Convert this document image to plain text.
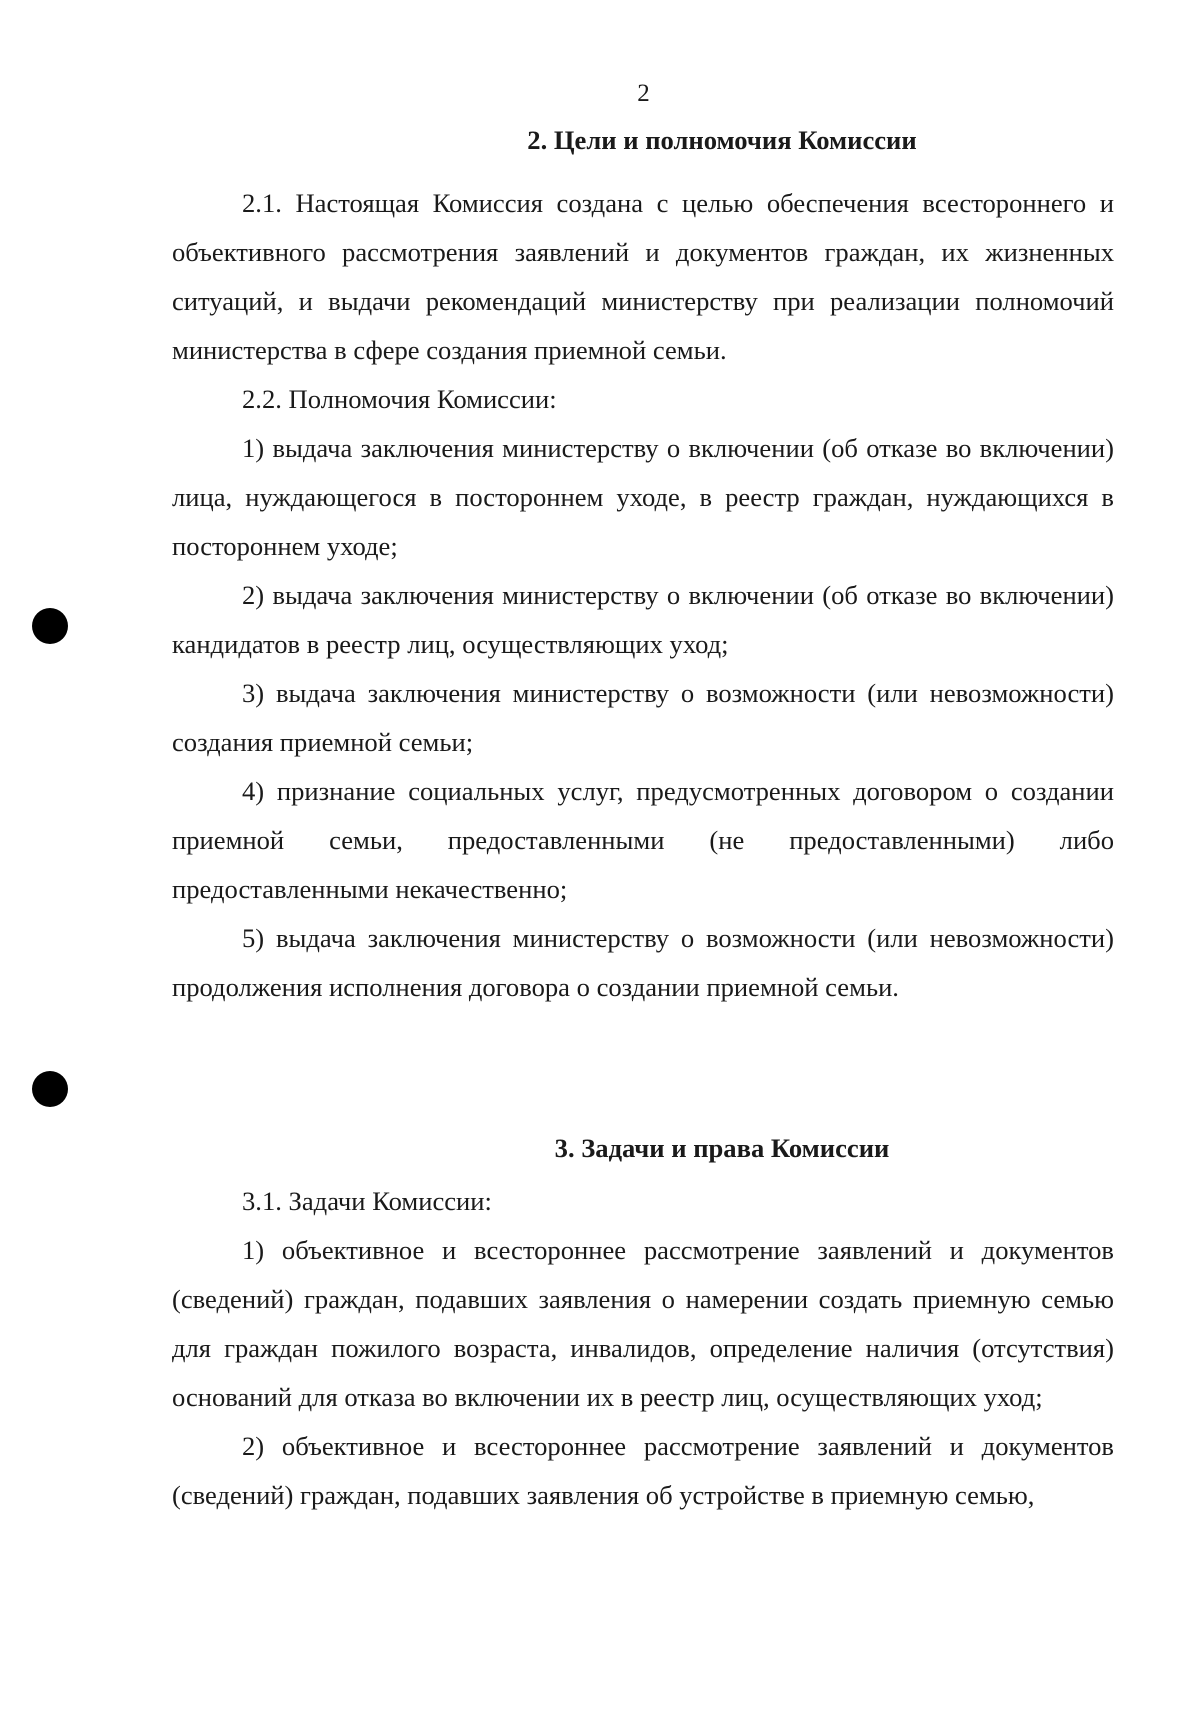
2
2. Цели и полномочия Комиссии

2.1. Настоящая Комиссия создана с целью обеспечения всестороннего и объективного рассмотрения заявлений и документов граждан, их жизненных ситуаций, и выдачи рекомендаций министерству при реализации полномочий министерства в сфере создания приемной семьи.

2.2. Полномочия Комиссии:

1) выдача заключения министерству о включении (об отказе во включении) лица, нуждающегося в постороннем уходе, в реестр граждан, нуждающихся в постороннем уходе;

2) выдача заключения министерству о включении (об отказе во включении) кандидатов в реестр лиц, осуществляющих уход;

3) выдача заключения министерству о возможности (или невозможности) создания приемной семьи;

4) признание социальных услуг, предусмотренных договором о создании приемной семьи, предоставленными (не предоставленными) либо предоставленными некачественно;

5) выдача заключения министерству о возможности (или невозможности) продолжения исполнения договора о создании приемной семьи.

3. Задачи и права Комиссии

3.1. Задачи Комиссии:

1) объективное и всестороннее рассмотрение заявлений и документов (сведений) граждан, подавших заявления о намерении создать приемную семью для граждан пожилого возраста, инвалидов, определение наличия (отсутствия) оснований для отказа во включении их в реестр лиц, осуществляющих уход;

2) объективное и всестороннее рассмотрение заявлений и документов (сведений) граждан, подавших заявления об устройстве в приемную семью,
